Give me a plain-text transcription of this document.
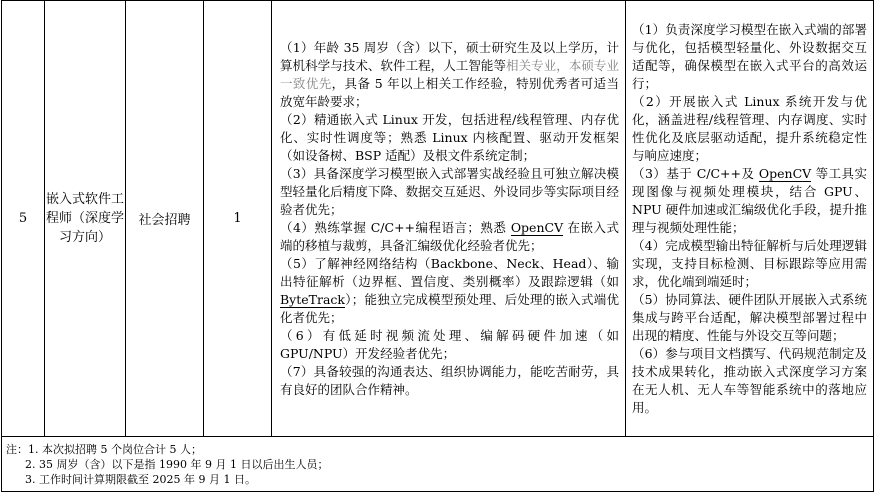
5	嵌入式软件工程师（深度学习方向）	社会招聘	1	
（1）年龄 35 周岁（含）以下，硕士研究生及以上学历，计算机科学与技术、软件工程，人工智能等相关专业，本硕专业一致优先，具备 5 年以上相关工作经验，特别优秀者可适当放宽年龄要求；
（2）精通嵌入式 Linux 开发，包括进程/线程管理、内存优化、实时性调度等；熟悉 Linux 内核配置、驱动开发框架（如设备树、BSP 适配）及根文件系统定制；
（3）具备深度学习模型嵌入式部署实战经验且可独立解决模型轻量化后精度下降、数据交互延迟、外设同步等实际项目经验者优先；
（4）熟练掌握 C/C++编程语言；熟悉 OpenCV 在嵌入式端的移植与裁剪，具备汇编级优化经验者优先；
（5）了解神经网络结构（Backbone、Neck、Head）、输出特征解析（边界框、置信度、类别概率）及跟踪逻辑（如 ByteTrack）；能独立完成模型预处理、后处理的嵌入式端优化者优先；
（6）有低延时视频流处理、编解码硬件加速（如 GPU/NPU）开发经验者优先；
（7）具备较强的沟通表达、组织协调能力，能吃苦耐劳，具有良好的团队合作精神。

（1）负责深度学习模型在嵌入式端的部署与优化，包括模型轻量化、外设数据交互适配等，确保模型在嵌入式平台的高效运行；
（2）开展嵌入式 Linux 系统开发与优化，涵盖进程/线程管理、内存调度、实时性优化及底层驱动适配，提升系统稳定性与响应速度；
（3）基于 C/C++及 OpenCV 等工具实现图像与视频处理模块，结合 GPU、NPU 硬件加速或汇编级优化手段，提升推理与视频处理性能；
（4）完成模型输出特征解析与后处理逻辑实现，支持目标检测、目标跟踪等应用需求，优化端到端延时；
（5）协同算法、硬件团队开展嵌入式系统集成与跨平台适配，解决模型部署过程中出现的精度、性能与外设交互等问题；
（6）参与项目文档撰写、代码规范制定及技术成果转化，推动嵌入式深度学习方案在无人机、无人车等智能系统中的落地应用。

注：1. 本次拟招聘 5 个岗位合计 5 人；
2. 35 周岁（含）以下是指 1990 年 9 月 1 日以后出生人员；
3. 工作时间计算期限截至 2025 年 9 月 1 日。
